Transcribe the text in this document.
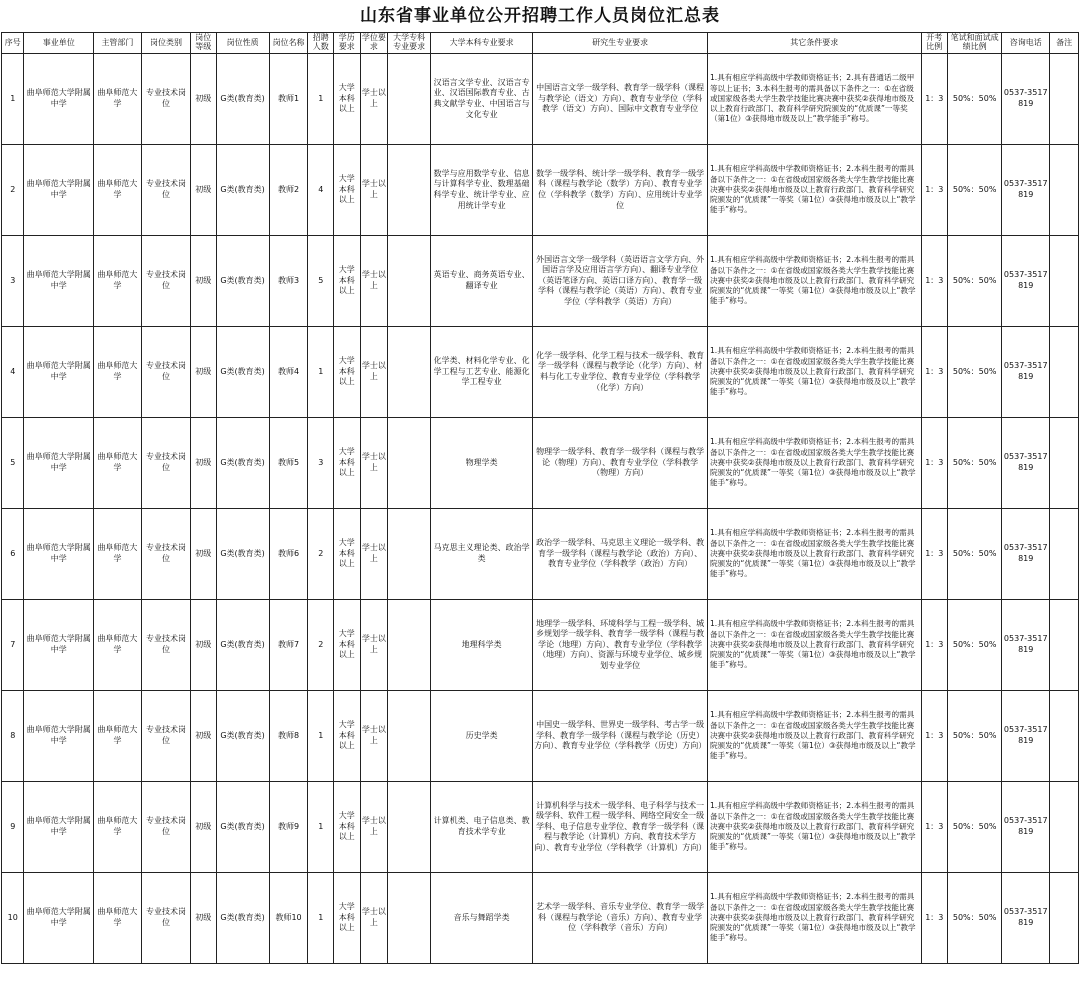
山东省事业单位公开招聘工作人员岗位汇总表
序号	事业单位	主管部门	岗位类别	岗位等级	岗位性质	岗位名称	招聘人数	学历要求	学位要求	大学专科专业要求	大学本科专业要求	研究生专业要求	其它条件要求	开考比例	笔试和面试成绩比例	咨询电话	备注
1	曲阜师范大学附属中学	曲阜师范大学	专业技术岗位	初级	G类(教育类)	教师1	1	大学本科以上	学士以上		汉语言文学专业、汉语言专业、汉语国际教育专业、古典文献学专业、中国语言与文化专业	中国语言文学一级学科、教育学一级学科（课程与教学论（语文）方向）、教育专业学位（学科教学（语文）方向）、国际中文教育专业学位	1.具有相应学科高级中学教师资格证书；2.具有普通话二级甲等以上证书；3.本科生报考的需具备以下条件之一：①在省级或国家级各类大学生教学技能比赛决赛中获奖②获得地市级及以上教育行政部门、教育科学研究院颁发的“优质课”一等奖（第1位）③获得地市级及以上“教学能手”称号。	1：3	50%：50%	0537-3517819	
2	曲阜师范大学附属中学	曲阜师范大学	专业技术岗位	初级	G类(教育类)	教师2	4	大学本科以上	学士以上		数学与应用数学专业、信息与计算科学专业、数理基础科学专业、统计学专业、应用统计学专业	数学一级学科、统计学一级学科、教育学一级学科（课程与教学论（数学）方向）、教育专业学位（学科教学（数学）方向）、应用统计专业学位	1.具有相应学科高级中学教师资格证书；2.本科生报考的需具备以下条件之一：①在省级或国家级各类大学生教学技能比赛决赛中获奖②获得地市级及以上教育行政部门、教育科学研究院颁发的“优质课”一等奖（第1位）③获得地市级及以上“教学能手”称号。	1：3	50%：50%	0537-3517819	
3	曲阜师范大学附属中学	曲阜师范大学	专业技术岗位	初级	G类(教育类)	教师3	5	大学本科以上	学士以上		英语专业、商务英语专业、翻译专业	外国语言文学一级学科（英语语言文学方向、外国语言学及应用语言学方向）、翻译专业学位（英语笔译方向、英语口译方向）、教育学一级学科（课程与教学论（英语）方向）、教育专业学位（学科教学（英语）方向）	1.具有相应学科高级中学教师资格证书；2.本科生报考的需具备以下条件之一：①在省级或国家级各类大学生教学技能比赛决赛中获奖②获得地市级及以上教育行政部门、教育科学研究院颁发的“优质课”一等奖（第1位）③获得地市级及以上“教学能手”称号。	1：3	50%：50%	0537-3517819	
4	曲阜师范大学附属中学	曲阜师范大学	专业技术岗位	初级	G类(教育类)	教师4	1	大学本科以上	学士以上		化学类、材料化学专业、化学工程与工艺专业、能源化学工程专业	化学一级学科、化学工程与技术一级学科、教育学一级学科（课程与教学论（化学）方向）、材料与化工专业学位、教育专业学位（学科教学（化学）方向）	1.具有相应学科高级中学教师资格证书；2.本科生报考的需具备以下条件之一：①在省级或国家级各类大学生教学技能比赛决赛中获奖②获得地市级及以上教育行政部门、教育科学研究院颁发的“优质课”一等奖（第1位）③获得地市级及以上“教学能手”称号。	1：3	50%：50%	0537-3517819	
5	曲阜师范大学附属中学	曲阜师范大学	专业技术岗位	初级	G类(教育类)	教师5	3	大学本科以上	学士以上		物理学类	物理学一级学科、教育学一级学科（课程与教学论（物理）方向）、教育专业学位（学科教学（物理）方向）	1.具有相应学科高级中学教师资格证书；2.本科生报考的需具备以下条件之一：①在省级或国家级各类大学生教学技能比赛决赛中获奖②获得地市级及以上教育行政部门、教育科学研究院颁发的“优质课”一等奖（第1位）③获得地市级及以上“教学能手”称号。	1：3	50%：50%	0537-3517819	
6	曲阜师范大学附属中学	曲阜师范大学	专业技术岗位	初级	G类(教育类)	教师6	2	大学本科以上	学士以上		马克思主义理论类、政治学类	政治学一级学科、马克思主义理论一级学科、教育学一级学科（课程与教学论（政治）方向）、教育专业学位（学科教学（政治）方向）	1.具有相应学科高级中学教师资格证书；2.本科生报考的需具备以下条件之一：①在省级或国家级各类大学生教学技能比赛决赛中获奖②获得地市级及以上教育行政部门、教育科学研究院颁发的“优质课”一等奖（第1位）③获得地市级及以上“教学能手”称号。	1：3	50%：50%	0537-3517819	
7	曲阜师范大学附属中学	曲阜师范大学	专业技术岗位	初级	G类(教育类)	教师7	2	大学本科以上	学士以上		地理科学类	地理学一级学科、环境科学与工程一级学科、城乡规划学一级学科、教育学一级学科（课程与教学论（地理）方向）、教育专业学位（学科教学（地理）方向）、资源与环境专业学位、城乡规划专业学位	1.具有相应学科高级中学教师资格证书；2.本科生报考的需具备以下条件之一：①在省级或国家级各类大学生教学技能比赛决赛中获奖②获得地市级及以上教育行政部门、教育科学研究院颁发的“优质课”一等奖（第1位）③获得地市级及以上“教学能手”称号。	1：3	50%：50%	0537-3517819	
8	曲阜师范大学附属中学	曲阜师范大学	专业技术岗位	初级	G类(教育类)	教师8	1	大学本科以上	学士以上		历史学类	中国史一级学科、世界史一级学科、考古学一级学科、教育学一级学科（课程与教学论（历史）方向）、教育专业学位（学科教学（历史）方向）	1.具有相应学科高级中学教师资格证书；2.本科生报考的需具备以下条件之一：①在省级或国家级各类大学生教学技能比赛决赛中获奖②获得地市级及以上教育行政部门、教育科学研究院颁发的“优质课”一等奖（第1位）③获得地市级及以上“教学能手”称号。	1：3	50%：50%	0537-3517819	
9	曲阜师范大学附属中学	曲阜师范大学	专业技术岗位	初级	G类(教育类)	教师9	1	大学本科以上	学士以上		计算机类、电子信息类、教育技术学专业	计算机科学与技术一级学科、电子科学与技术一级学科、软件工程一级学科、网络空间安全一级学科、电子信息专业学位、教育学一级学科（课程与教学论（计算机）方向、教育技术学方向）、教育专业学位（学科教学（计算机）方向）	1.具有相应学科高级中学教师资格证书；2.本科生报考的需具备以下条件之一：①在省级或国家级各类大学生教学技能比赛决赛中获奖②获得地市级及以上教育行政部门、教育科学研究院颁发的“优质课”一等奖（第1位）③获得地市级及以上“教学能手”称号。	1：3	50%：50%	0537-3517819	
10	曲阜师范大学附属中学	曲阜师范大学	专业技术岗位	初级	G类(教育类)	教师10	1	大学本科以上	学士以上		音乐与舞蹈学类	艺术学一级学科、音乐专业学位、教育学一级学科（课程与教学论（音乐）方向）、教育专业学位（学科教学（音乐）方向）	1.具有相应学科高级中学教师资格证书；2.本科生报考的需具备以下条件之一：①在省级或国家级各类大学生教学技能比赛决赛中获奖②获得地市级及以上教育行政部门、教育科学研究院颁发的“优质课”一等奖（第1位）③获得地市级及以上“教学能手”称号。	1：3	50%：50%	0537-3517819	
